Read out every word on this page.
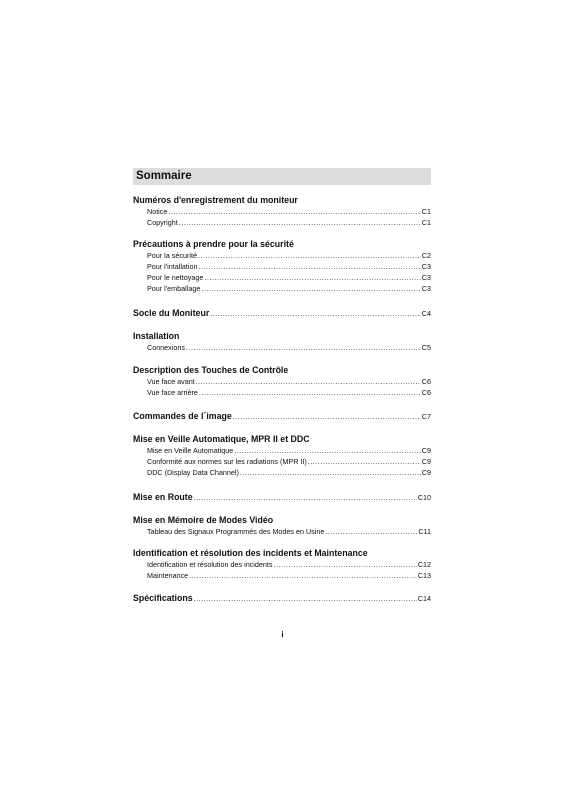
Sommaire
Numéros d'enregistrement du moniteur
Notice .....	C1
Copyright .....	C1
Précautions à prendre pour la sécurité
Pour la sécurité .....	C2
Pour l'intallation .....	C3
Pour le nettoyage .....	C3
Pour l'emballage .....	C3
Socle du Moniteur .....	C4
Installation
Connexions .....	C5
Description des Touches de Contrôle
Vue face avant .....	C6
Vue face arrière .....	C6
Commandes de l´image .....	C7
Mise en Veille Automatique, MPR II et DDC
Mise en Veille Automatique .....	C9
Conformité aux normes sur les radiations (MPR II) .....	C9
DDC (Display Data Channel) .....	C9
Mise en Route .....	C10
Mise en Mémoire de Modes Vidéo
Tableau des Signaux Programmés des Modes en Usine .....	C11
Identification et résolution des incidents et Maintenance
Identification et résolution des incidents .....	C12
Maintenance .....	C13
Spécifications .....	C14
i
